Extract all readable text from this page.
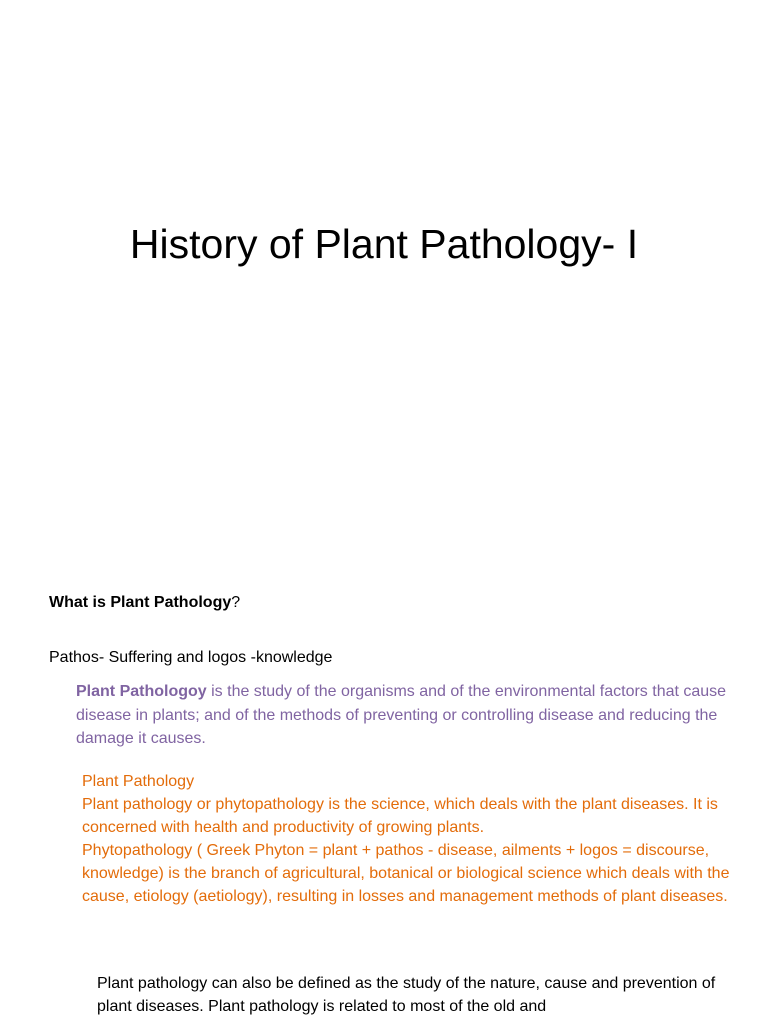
History of Plant Pathology- I

What is Plant Pathology?

Pathos- Suffering and logos -knowledge

Plant Pathologoy is the study of the organisms and of the environmental factors that cause disease in plants; and of the methods of preventing or controlling disease and reducing the damage it causes.

Plant Pathology

Plant pathology or phytopathology is the science, which deals with the plant diseases. It is concerned with health and productivity of growing plants.

Phytopathology ( Greek Phyton = plant + pathos - disease, ailments + logos = discourse, knowledge) is the branch of agricultural, botanical or biological science which deals with the cause, etiology (aetiology), resulting in losses and management methods of plant diseases.

Plant pathology can also be defined as the study of the nature, cause and prevention of plant diseases. Plant pathology is related to most of the old and
